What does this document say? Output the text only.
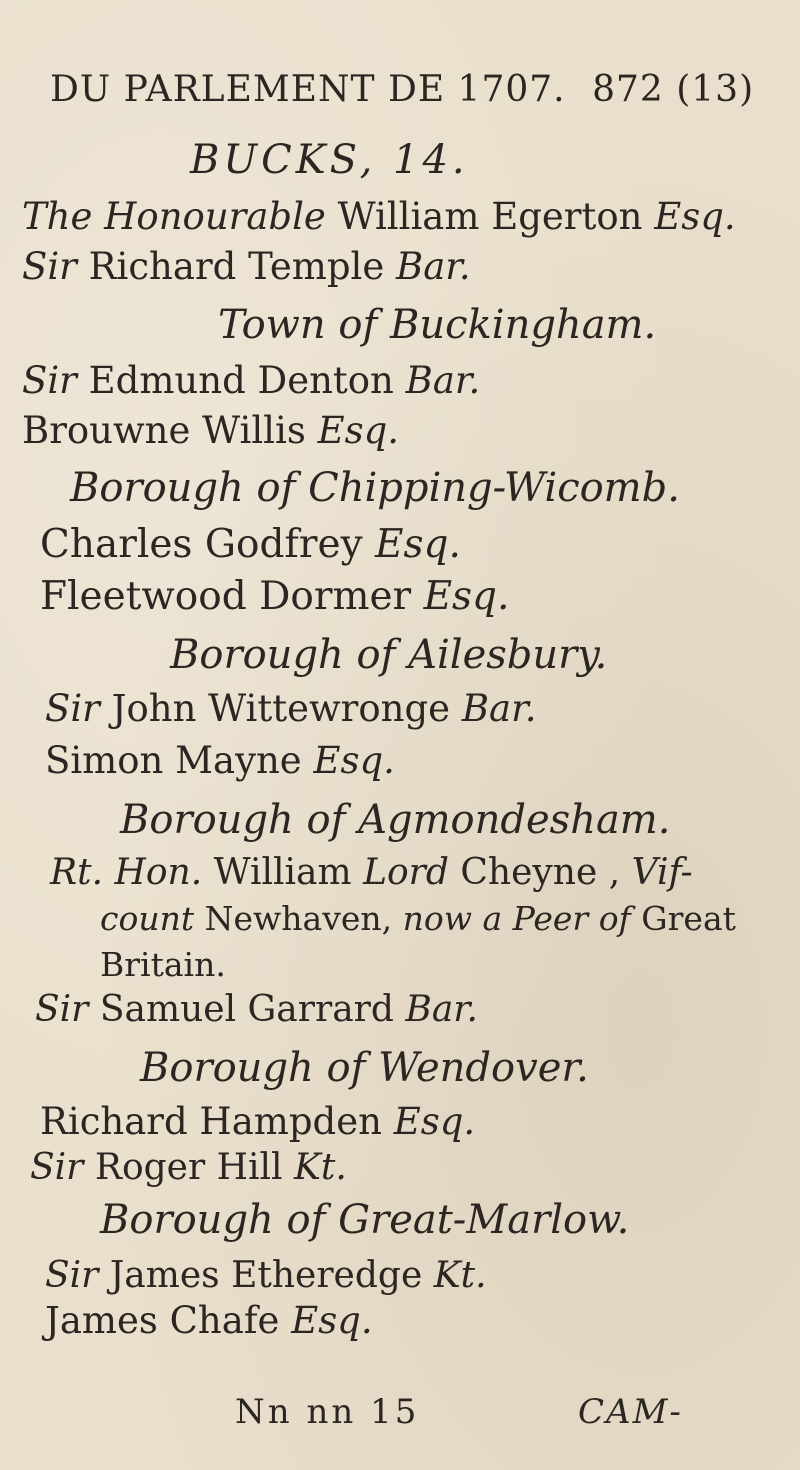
DU PARLEMENT DE 1707. 872 (13)
BUCKS, 14.
The Honourable William Egerton Esq.
Sir Richard Temple Bar.
Town of Buckingham.
Sir Edmund Denton Bar.
Brouwne Willis Esq.
Borough of Chipping-Wicomb.
Charles Godfrey Esq.
Fleetwood Dormer Esq.
Borough of Ailesbury.
Sir John Wittewronge Bar.
Simon Mayne Esq.
Borough of Agmondesham.
Rt. Hon. William Lord Cheyne , Vif-
count Newhaven, now a Peer of Great
Britain.
Sir Samuel Garrard Bar.
Borough of Wendover.
Richard Hampden Esq.
Sir Roger Hill Kt.
Borough of Great-Marlow.
Sir James Etheredge Kt.
James Chafe Esq.
Nn nn 15	CAM-
